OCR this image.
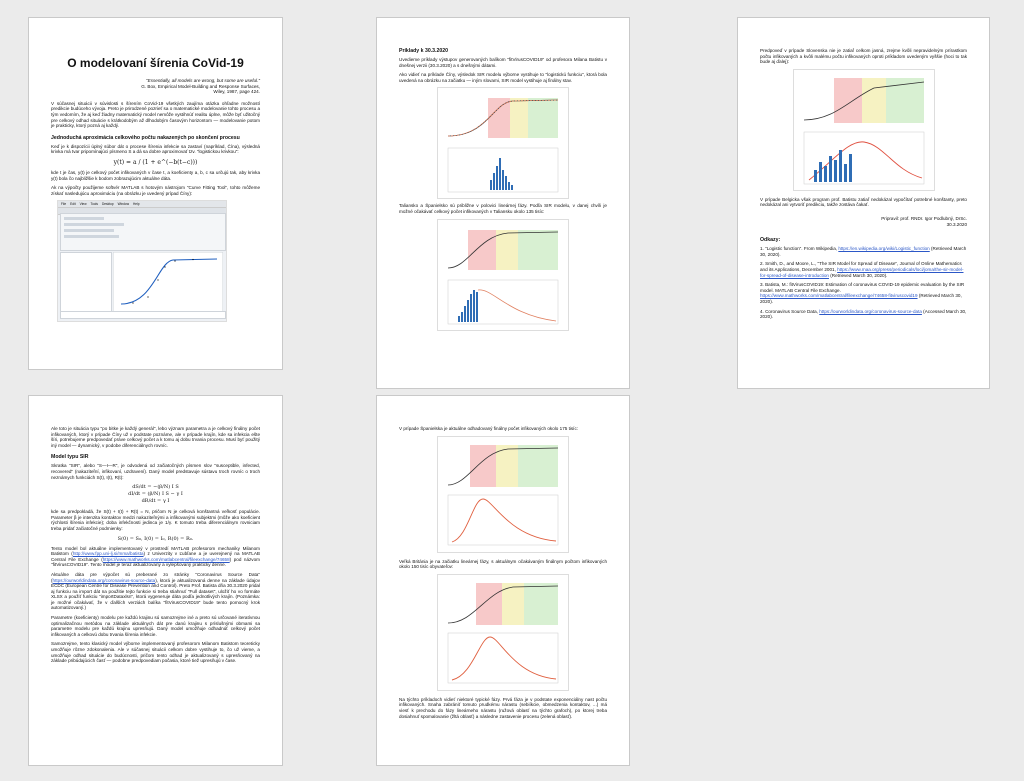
O modelovaní šírenia CoVid-19
"Essentially, all models are wrong, but some are useful."
G. Box, Empirical Model-Building and Response Surfaces,
Wiley, 1987, page 424.

V súčasnej situácii v súvislosti s šírením CoVid-19 všetkých zaujíma otázka ohľadne možností predikcie budúceho vývoja. Preto je prirodzené pozrieť sa o matematické modelovanie tohto procesu a tým vedomím, že aj keď žiadny matematický model nemôže vystihnúť realitu úplne, môže byť užitočný pre celkový odhad situácie s krátkodobým až dlhodobým časovým horizontom — modelovanie potom je prakticky, ktorý pozná aj každý.

Jednoduchá aproximácia celkového počtu nakazených po skončení procesu

Keď je k dispozícii úplný súbor dát o procese šírenia infekcie sa zastaví (napríklad, Čína), výsledná krivka má tvar pripomínajúci písmeno S a dá sa dobre aproximovať tzv. "logistickou krivkou":

y(t) = a / (1 + e^(−b(t−c)))

kde t je čas, y(t) je celkový počet infikovaných v čase t, a koeficienty a, b, c sa určujú tak, aby krivka y(t) bola čo najbližšie k bodom zobrazujúcim aktuálne dáta.

Ak na výpočty použijeme softvér MATLAB s hotovým nástrojom "Curve Fitting Tool", tohto môžeme získať nasledujúcu aproximáciu (na obrázku je uvedený prípad Číny):

File Edit View Tools Desktop Window Help
Príklady k 30.3.2020

Uvedieme príklady výstupov generovaných balíkom "fitVirusCOVID19" od profesora Milana Batistu v dnešnej verzii (30.3.2020) a s dnešnými dátami.

Ako vidieť na príklade Číny, výsledok SIR modelu výborne vystihuje to "logistickú funkciu", ktorá bola uvedená na obrázku na začiatku — iným slovami, SIR model vystihuje aj finálny stav.

Taliansko a Španielsko sú približne v polovici lineárnej fázy. Podľa SIR modelu, v danej chvíli je možné očakávať celkový počet infikovaných v Taliansku okolo 135 tisíc:

Predpoveď v prípade Slovenska nie je zatiaľ celkom jasná, zrejme kvôli nepravidelným prírastkom počtu infikovaných a kvôli malému počtu infikovaných oproti príkladom uvedeným vyššie (hoci to tak bude aj ďalej):

V prípade Belgicka však program prof. Batistu zatiaľ nedokázal vypočítať potrebné konštanty, preto nedokázal ani vytvoriť predikciu, takže zostáva čakať.

Pripravil: prof. RNDr. Igor Podlubný, DrSc.
30.3.2020
Odkazy:

1. "Logistic function". From Wikipedia, https://en.wikipedia.org/wiki/Logistic_function (Retrieved March 30, 2020).

2. Smith, D., and Moore, L., "The SIR Model for Spread of Disease", Journal of Online Mathematics and its Applications, December 2001, https://www.maa.org/press/periodicals/loci/joma/the-sir-model-for-spread-of-disease-introduction (Retrieved March 30, 2020).

3. Batista, M.: fitVirusCOVID19: Estimation of coronavirus COVID-19 epidemic evaluation by the SIR model. MATLAB Central File Exchange. https://www.mathworks.com/matlabcentral/fileexchange/74658-fitviruscovid19 (Retrieved March 30, 2020).

4. Coronavirus Source Data, https://ourworldindata.org/coronavirus-source-data (Accessed March 30, 2020).

Ale toto je situácia typu "po bitke je každý generál", lebo význam parametra a je celkový finálny počet infikovaných, ktorý v prípade Číny už v podstate poznáme, ale v prípade krajín, kde sa infekcia ešte šíri, potrebujeme predpovedať práve celkový počet a k tomu aj dobu trvania procesu. Musí byť použitý iný model — dynamický, v podobe diferenciálnych rovníc.

Model typu SIR

Skratka "SIR", alebo "S—I—R", je odvodená od začiatočných písmen slov "susceptible, infected, recovered" (nakaziteľní, infikovaní, uzdravení). Daný model predstavuje sústavu troch rovníc o troch neznámych funkciách S(t), I(t), R(t):

dS/dt = −(β/N) I S
dI/dt = (β/N) I S − γ I
dR/dt = γ I

kde sa predpokladá, že S(t) + I(t) + R(t) = N, pričom N je celková konštantná veľkosť populácie. Parameter β je intenzita kontaktov medzi nakaziteľnými a infikovanými subjektmi (môže ako koeficient rýchlosti šírenia infekcie); doba infekčnosti jedinca je 1/γ. K tomuto treba diferenciálnym rovniciam treba pridať začiatočné podmienky:

S(0) = S₀, I(0) = I₀, R(0) = R₀.

Tento model bol aktuálne implementovaný v prostredí MATLAB profesorom mechaniky Milanom Batistom (http://www.fpp.uni-lj.si/mma/batista) z Univerzity v Ľubľane a je uverejnený na MATLAB Central File Exchange (https://www.mathworks.com/matlabcentral/fileexchange/74658) pod názvom "fitVirusCOVID19". Tento model je teraz aktualizovaný a vylepšovaný prakticky denne.

Aktuálne dáta pre výpočet sú preberané zo stránky "Coronavirus Source Data" (https://ourworldindata.org/coronavirus-source-data), ktorá je aktualizovaná denne na základe údajov ECDC (European Centre for Disease Prevention and Control). Preto Prof. Batista dňa 30.3.2020 pridal aj funkciu na import dát na použitie tejto funkcie si treba stiahnuť "Full dataset", uložiť ho vo formáte XLSX a použiť funkciu "importDataxlsn", ktorá vygeneruje dáta podľa jednotlivých krajín. (Poznámka: je možné očakávať, že v ďalších verziách balíka "fitVirusCOVID19" bude tento pomocný krok automatizovaný.)

Parametre (koeficienty) modelu pre každú krajinu sú samozrejme iné a preto sú určované iteratívnou optimalizačnou metódou na základe aktuálnych dát pre danú krajinu s príslušnými obmami sa parametre modelu pre každú krajinu upresňujú. Daný model umožňuje odhadnúť celkový počet infikovaných a celkovú dobu trvania šírenia infekcie.

Samozrejme, tento klasický model výborne implementovaný profesorom Milanom Batistom teoreticky umožňuje rôzne zdokonalenia. Ale v súčasnej situácii celkom dobre vystihuje to, čo už vieme, a umožňuje odhad situácie do budúcnosti, pričom tento odhad je aktualizovaný s upresňovaný na základe pribúdajúcich časť — podobne predpovediam počasia, ktoré tiež upresňujú v čase.

V prípade Španielska je aktuálne odhadovaný finálny počet infikovaných okolo 175 tisíc:

Veľká Británia je na začiatku lineárnej fázy, s aktuálnym očakávaným finálnym počtom infikovaných okolo 150 tisíc obyvateľov:

Na týchto príkladoch vidieť niektoré typické fázy. Prvá fáza je v podstate exponenciálny nast počtu infikovaných. Snaha zabrániť tomuto prudkému nárastu (sebiíkcie, obmedzenia kontaktov, ...) má viesť k prechodu do fázy lineárneho nárastu (ružová oblasť na týchto grafoch), po ktorej treba dosiahnuť spomalovanie (žltá oblasť) a následne zastavenie procesu (zelená oblasť).
